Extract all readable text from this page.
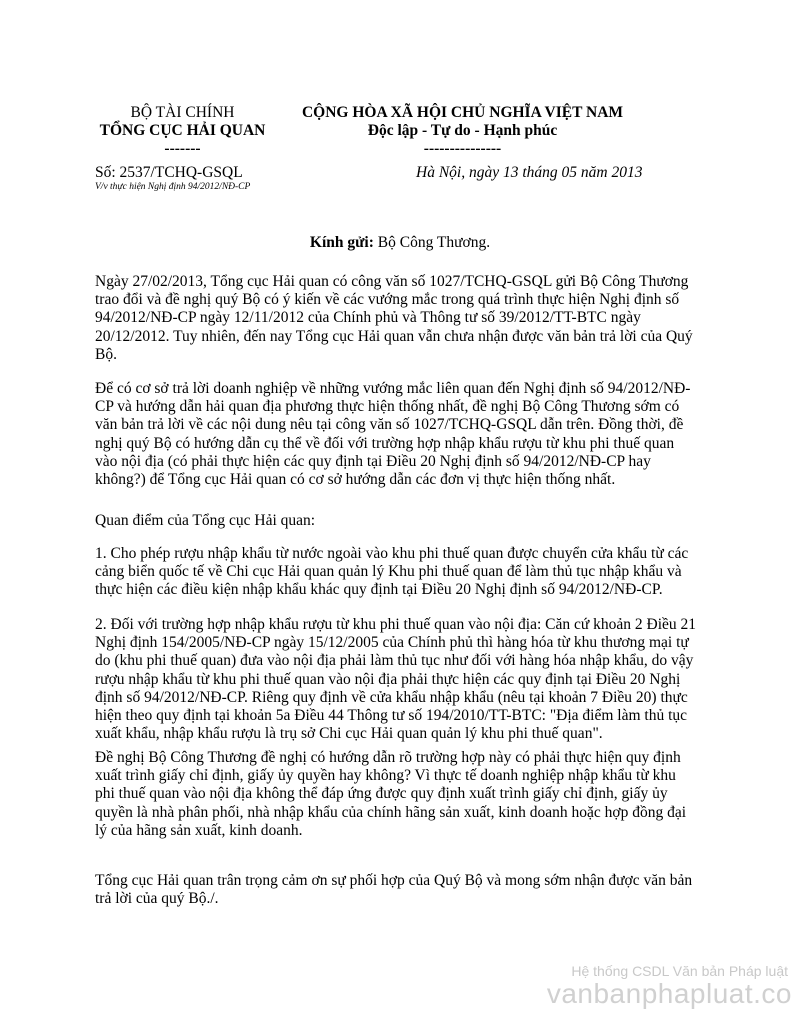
BỘ TÀI CHÍNH
TỔNG CỤC HẢI QUAN
-------
CỘNG HÒA XÃ HỘI CHỦ NGHĨA VIỆT NAM
Độc lập - Tự do - Hạnh phúc
---------------
Số: 2537/TCHQ-GSQL
V/v thực hiện Nghị định 94/2012/NĐ-CP
Hà Nội, ngày 13 tháng 05 năm 2013
Kính gửi: Bộ Công Thương.

Ngày 27/02/2013, Tổng cục Hải quan có công văn số 1027/TCHQ-GSQL gửi Bộ Công Thương

trao đổi và đề nghị quý Bộ có ý kiến về các vướng mắc trong quá trình thực hiện Nghị định số

94/2012/NĐ-CP ngày 12/11/2012 của Chính phủ và Thông tư số 39/2012/TT-BTC ngày

20/12/2012. Tuy nhiên, đến nay Tổng cục Hải quan vẫn chưa nhận được văn bản trả lời của Quý

Bộ.

Để có cơ sở trả lời doanh nghiệp về những vướng mắc liên quan đến Nghị định số 94/2012/NĐ-

CP và hướng dẫn hải quan địa phương thực hiện thống nhất, đề nghị Bộ Công Thương sớm có

văn bản trả lời về các nội dung nêu tại công văn số 1027/TCHQ-GSQL dẫn trên. Đồng thời, đề

nghị quý Bộ có hướng dẫn cụ thể về đối với trường hợp nhập khẩu rượu từ khu phi thuế quan

vào nội địa (có phải thực hiện các quy định tại Điều 20 Nghị định số 94/2012/NĐ-CP hay

không?) để Tổng cục Hải quan có cơ sở hướng dẫn các đơn vị thực hiện thống nhất.

Quan điểm của Tổng cục Hải quan:

1. Cho phép rượu nhập khẩu từ nước ngoài vào khu phi thuế quan được chuyển cửa khẩu từ các

cảng biển quốc tế về Chi cục Hải quan quản lý Khu phi thuế quan để làm thủ tục nhập khẩu và

thực hiện các điều kiện nhập khẩu khác quy định tại Điều 20 Nghị định số 94/2012/NĐ-CP.

2. Đối với trường hợp nhập khẩu rượu từ khu phi thuế quan vào nội địa: Căn cứ khoản 2 Điều 21

Nghị định 154/2005/NĐ-CP ngày 15/12/2005 của Chính phủ thì hàng hóa từ khu thương mại tự

do (khu phi thuế quan) đưa vào nội địa phải làm thủ tục như đối với hàng hóa nhập khẩu, do vậy

rượu nhập khẩu từ khu phi thuế quan vào nội địa phải thực hiện các quy định tại Điều 20 Nghị

định số 94/2012/NĐ-CP. Riêng quy định về cửa khẩu nhập khẩu (nêu tại khoản 7 Điều 20) thực

hiện theo quy định tại khoản 5a Điều 44 Thông tư số 194/2010/TT-BTC: "Địa điểm làm thủ tục

xuất khẩu, nhập khẩu rượu là trụ sở Chi cục Hải quan quản lý khu phi thuế quan".

Đề nghị Bộ Công Thương đề nghị có hướng dẫn rõ trường hợp này có phải thực hiện quy định

xuất trình giấy chỉ định, giấy ủy quyền hay không? Vì thực tế doanh nghiệp nhập khẩu từ khu

phi thuế quan vào nội địa không thể đáp ứng được quy định xuất trình giấy chỉ định, giấy ủy

quyền là nhà phân phối, nhà nhập khẩu của chính hãng sản xuất, kinh doanh hoặc hợp đồng đại

lý của hãng sản xuất, kinh doanh.

Tổng cục Hải quan trân trọng cảm ơn sự phối hợp của Quý Bộ và mong sớm nhận được văn bản

trả lời của quý Bộ./.

Hệ thống CSDL Văn bản Pháp luật
vanbanphapluat.co
